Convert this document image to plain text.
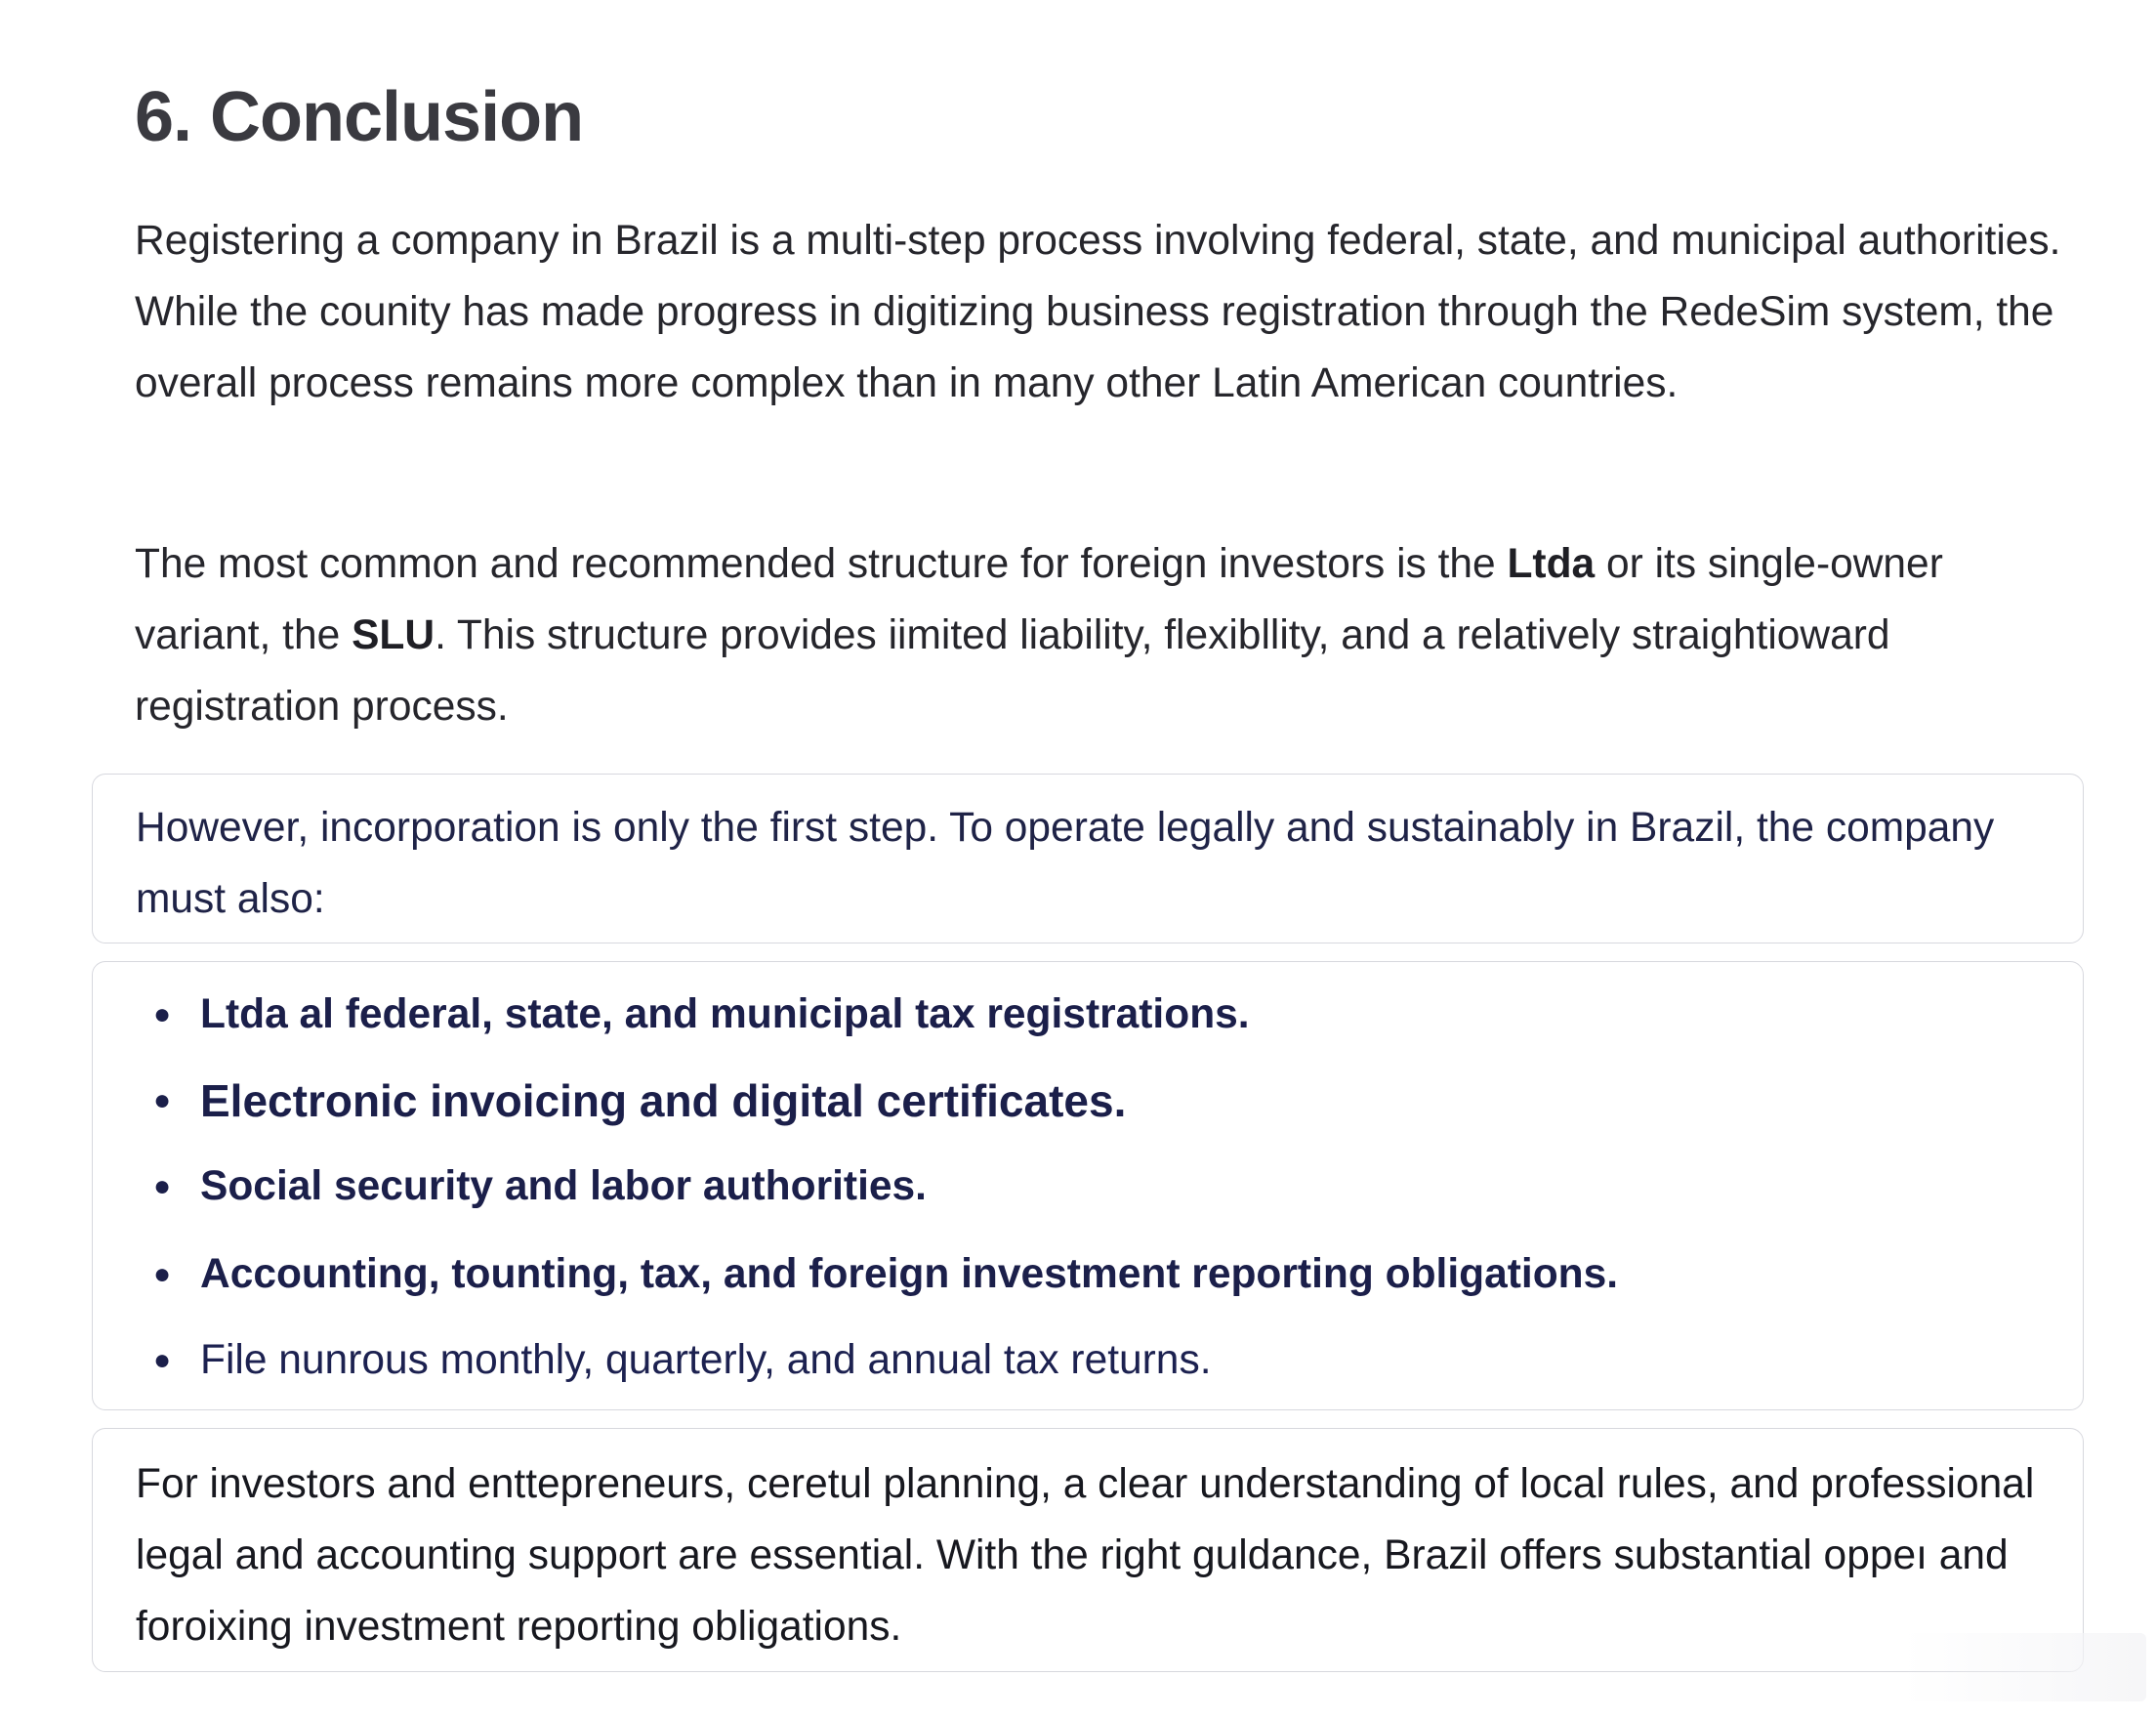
6. Conclusion

Registering a company in Brazil is a multi-step process involving federal, state, and municipal authorities. While the counity has made progress in digitizing business registration through the RedeSim system, the overall process remains more complex than in many other Latin American countries.

The most common and recommended structure for foreign investors is the Ltda or its single-owner variant, the SLU. This structure provides iimited liability, flexibllity, and a relatively straightioward registration process.

However, incorporation is only the first step. To operate legally and sustainably in Brazil, the company must also:

● Ltda al federal, state, and municipal tax registrations.
● Electronic invoicing and digital certificates.
● Social security and labor authorities.
● Accounting, tounting, tax, and foreign investment reporting obligations.
● File nunrous monthly, quarterly, and annual tax returns.

For investors and enttepreneurs, ceretul planning, a clear understanding of local rules, and professional legal and accounting support are essential. With the right guldance, Brazil offers substantial oppeı and foroixing investment reporting obligations.
